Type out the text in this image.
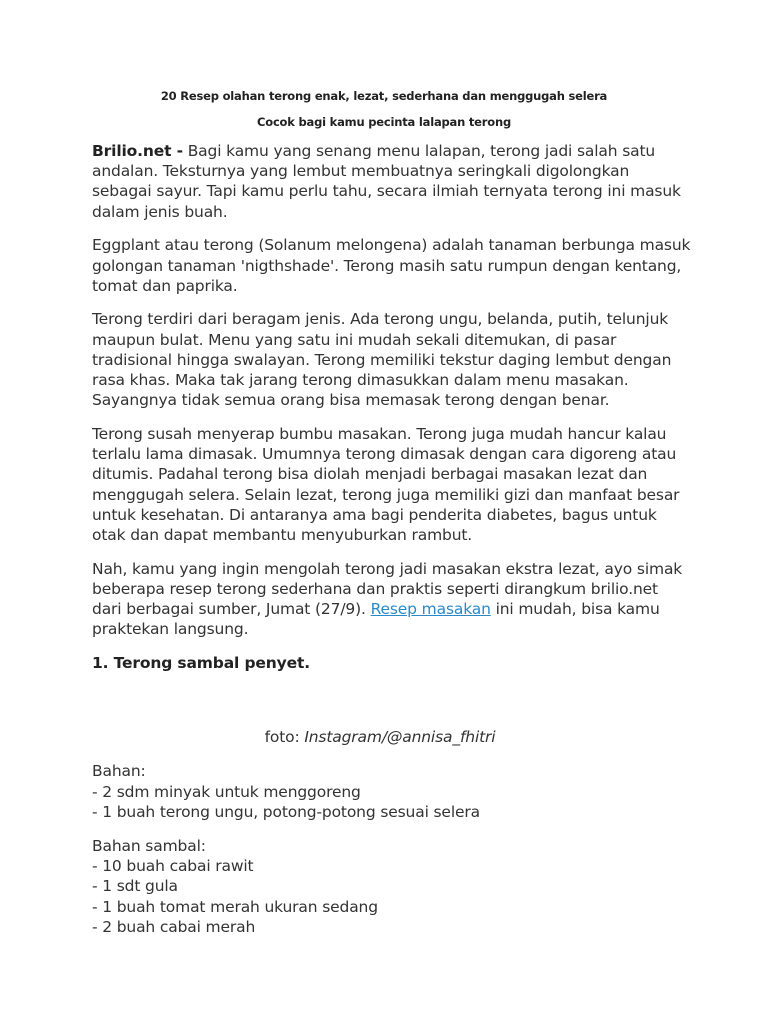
20 Resep olahan terong enak, lezat, sederhana dan menggugah selera
Cocok bagi kamu pecinta lalapan terong

Brilio.net - Bagi kamu yang senang menu lalapan, terong jadi salah satu andalan. Teksturnya yang lembut membuatnya seringkali digolongkan sebagai sayur. Tapi kamu perlu tahu, secara ilmiah ternyata terong ini masuk dalam jenis buah.

Eggplant atau terong (Solanum melongena) adalah tanaman berbunga masuk golongan tanaman 'nigthshade'. Terong masih satu rumpun dengan kentang, tomat dan paprika.

Terong terdiri dari beragam jenis. Ada terong ungu, belanda, putih, telunjuk maupun bulat. Menu yang satu ini mudah sekali ditemukan, di pasar tradisional hingga swalayan. Terong memiliki tekstur daging lembut dengan rasa khas. Maka tak jarang terong dimasukkan dalam menu masakan. Sayangnya tidak semua orang bisa memasak terong dengan benar.

Terong susah menyerap bumbu masakan. Terong juga mudah hancur kalau terlalu lama dimasak. Umumnya terong dimasak dengan cara digoreng atau ditumis. Padahal terong bisa diolah menjadi berbagai masakan lezat dan menggugah selera. Selain lezat, terong juga memiliki gizi dan manfaat besar untuk kesehatan. Di antaranya ama bagi penderita diabetes, bagus untuk otak dan dapat membantu menyuburkan rambut.

Nah, kamu yang ingin mengolah terong jadi masakan ekstra lezat, ayo simak beberapa resep terong sederhana dan praktis seperti dirangkum brilio.net dari berbagai sumber, Jumat (27/9). Resep masakan ini mudah, bisa kamu praktekan langsung.

1. Terong sambal penyet.

foto: Instagram/@annisa_fhitri

Bahan:
- 2 sdm minyak untuk menggoreng
- 1 buah terong ungu, potong-potong sesuai selera
Bahan sambal:
- 10 buah cabai rawit
- 1 sdt gula
- 1 buah tomat merah ukuran sedang
- 2 buah cabai merah
